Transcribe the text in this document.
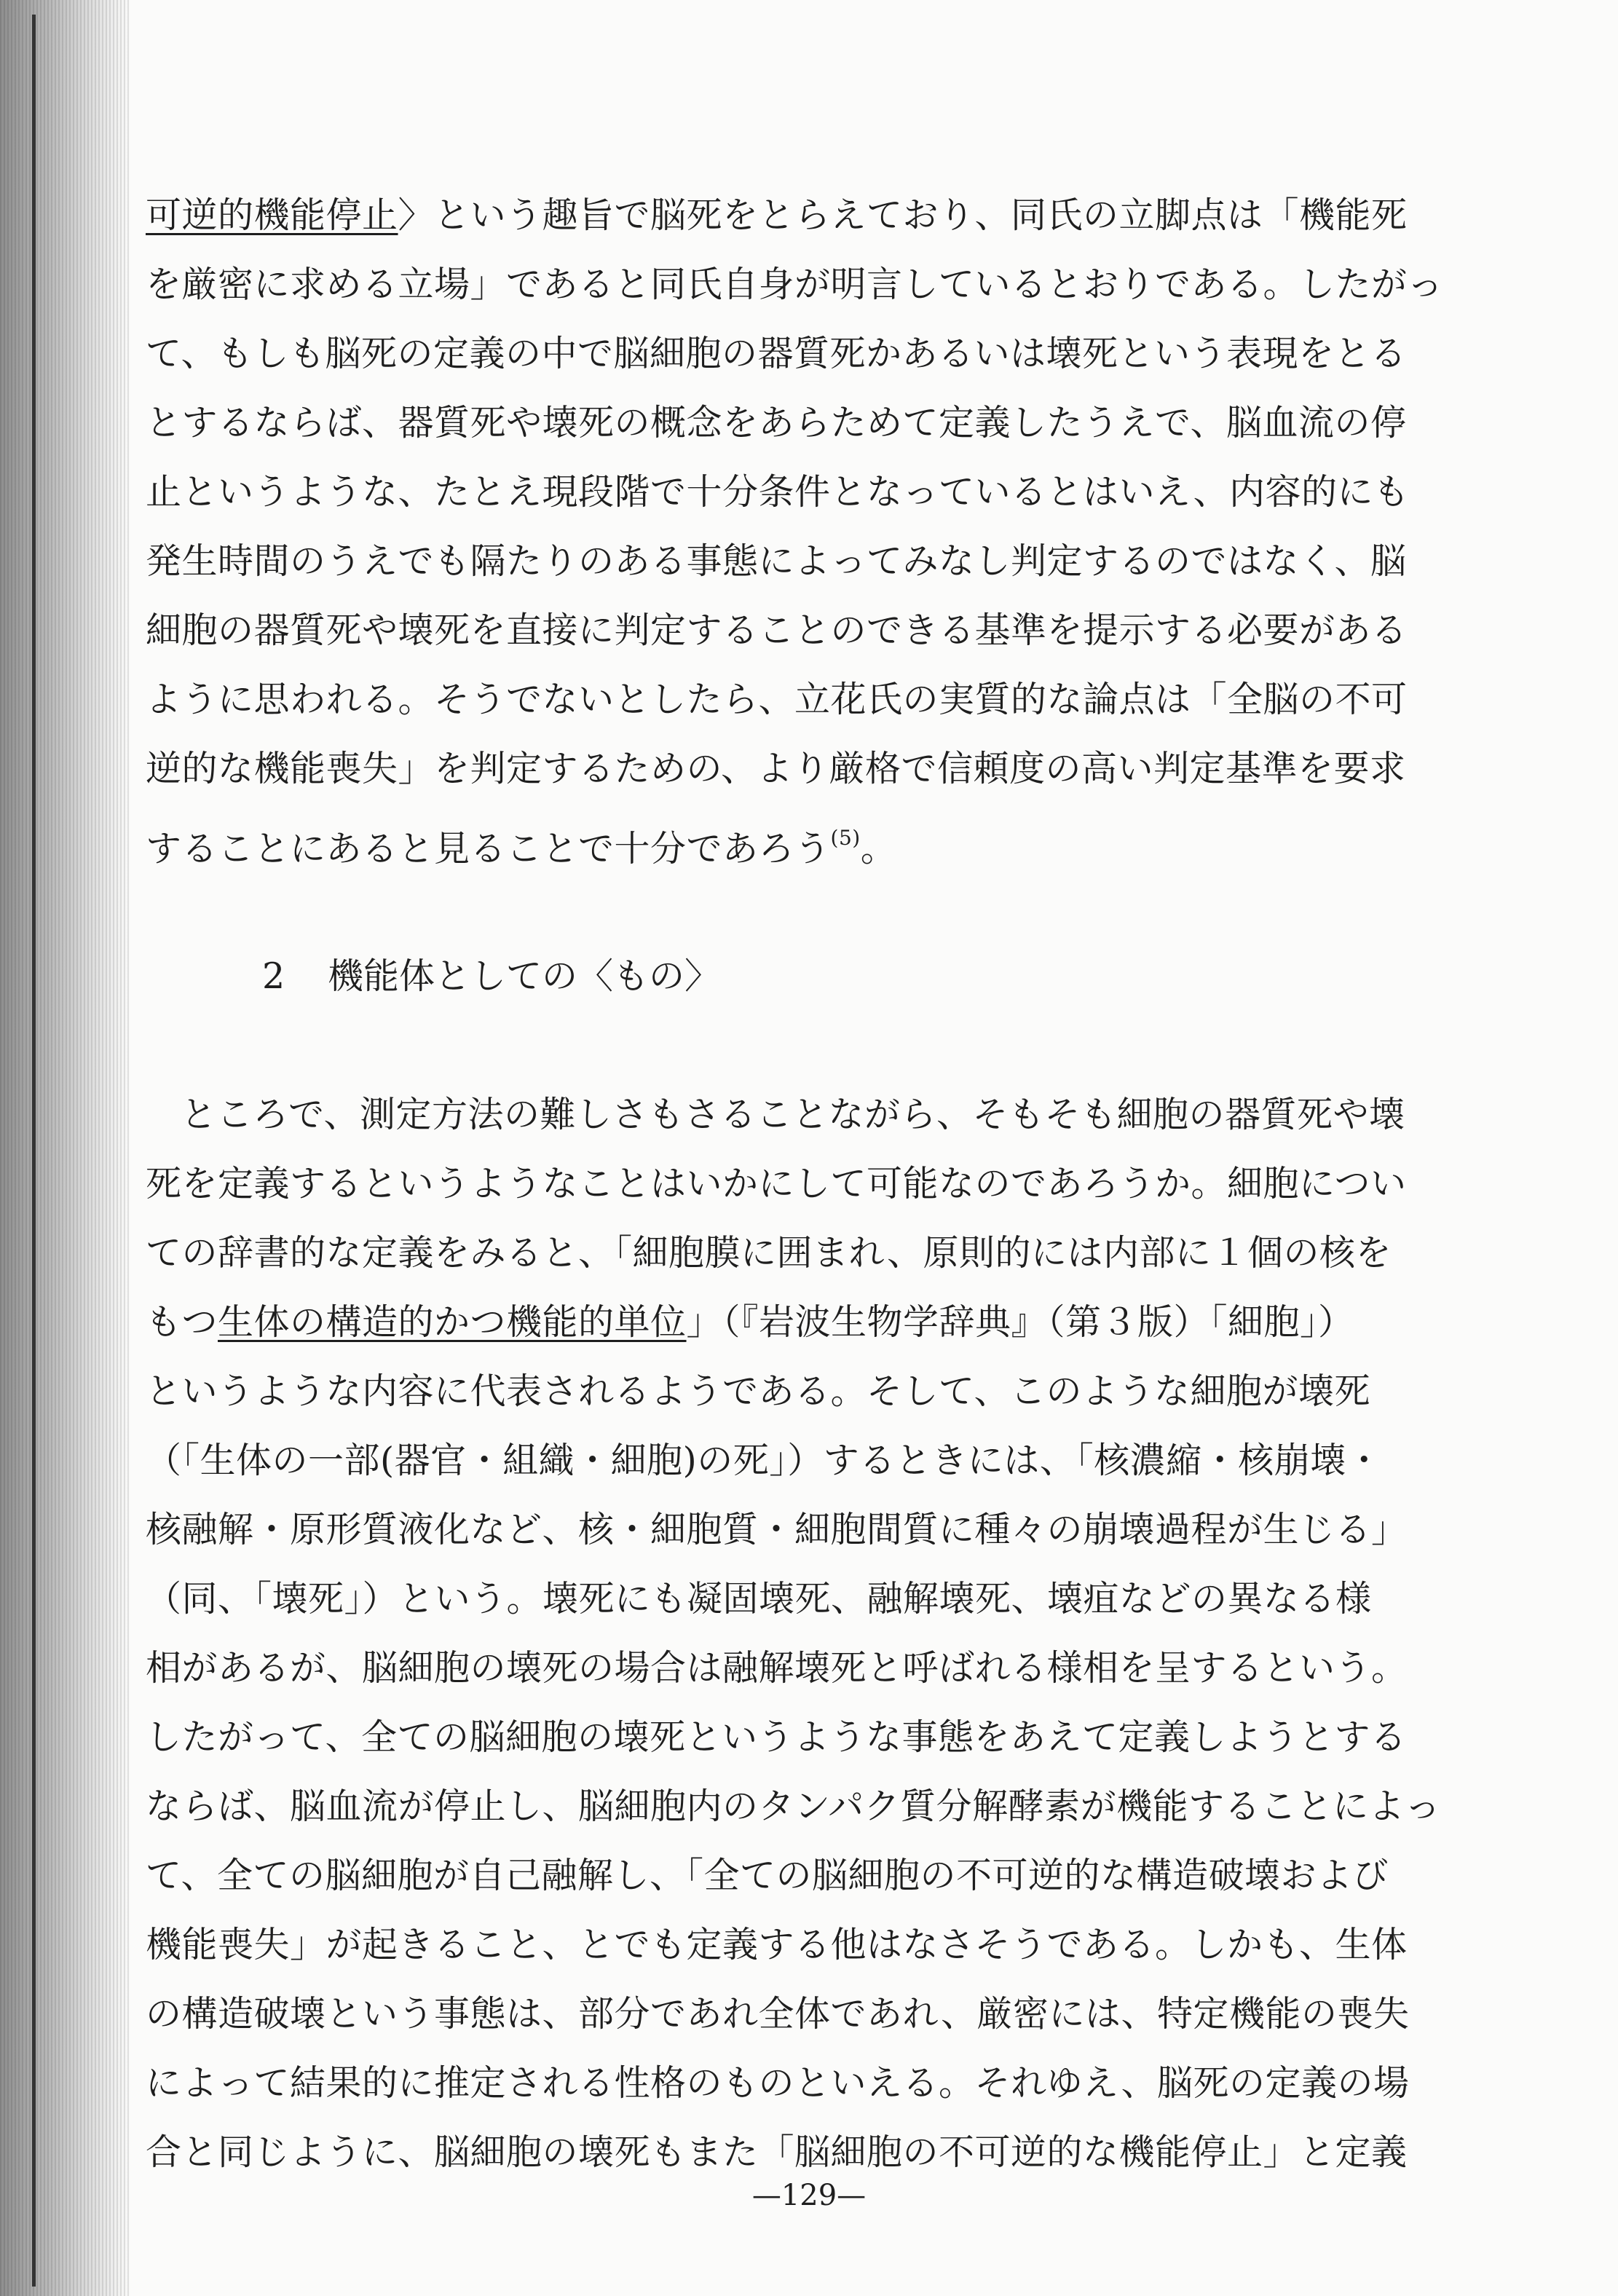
可逆的機能停止〉という趣旨で脳死をとらえており、同氏の立脚点は「機能死
を厳密に求める立場」であると同氏自身が明言しているとおりである。したがっ
て、もしも脳死の定義の中で脳細胞の器質死かあるいは壊死という表現をとる
とするならば、器質死や壊死の概念をあらためて定義したうえで、脳血流の停
止というような、たとえ現段階で十分条件となっているとはいえ、内容的にも
発生時間のうえでも隔たりのある事態によってみなし判定するのではなく、脳
細胞の器質死や壊死を直接に判定することのできる基準を提示する必要がある
ように思われる。そうでないとしたら、立花氏の実質的な論点は「全脳の不可
逆的な機能喪失」を判定するための、より厳格で信頼度の高い判定基準を要求
することにあると見ることで十分であろう$^{(5)}$。
2 機能体としての〈もの〉
ところで、測定方法の難しさもさることながら、そもそも細胞の器質死や壊
死を定義するというようなことはいかにして可能なのであろうか。細胞につい
ての辞書的な定義をみると、「細胞膜に囲まれ、原則的には内部に１個の核を
もつ生体の構造的かつ機能的単位」（『岩波生物学辞典』（第３版）「細胞」）
というような内容に代表されるようである。そして、このような細胞が壊死
（「生体の一部(器官・組織・細胞)の死」）するときには、「核濃縮・核崩壊・
核融解・原形質液化など、核・細胞質・細胞間質に種々の崩壊過程が生じる」
（同、「壊死」）という。壊死にも凝固壊死、融解壊死、壊疽などの異なる様
相があるが、脳細胞の壊死の場合は融解壊死と呼ばれる様相を呈するという。
したがって、全ての脳細胞の壊死というような事態をあえて定義しようとする
ならば、脳血流が停止し、脳細胞内のタンパク質分解酵素が機能することによっ
て、全ての脳細胞が自己融解し、「全ての脳細胞の不可逆的な構造破壊および
機能喪失」が起きること、とでも定義する他はなさそうである。しかも、生体
の構造破壊という事態は、部分であれ全体であれ、厳密には、特定機能の喪失
によって結果的に推定される性格のものといえる。それゆえ、脳死の定義の場
合と同じように、脳細胞の壊死もまた「脳細胞の不可逆的な機能停止」と定義
—129—
